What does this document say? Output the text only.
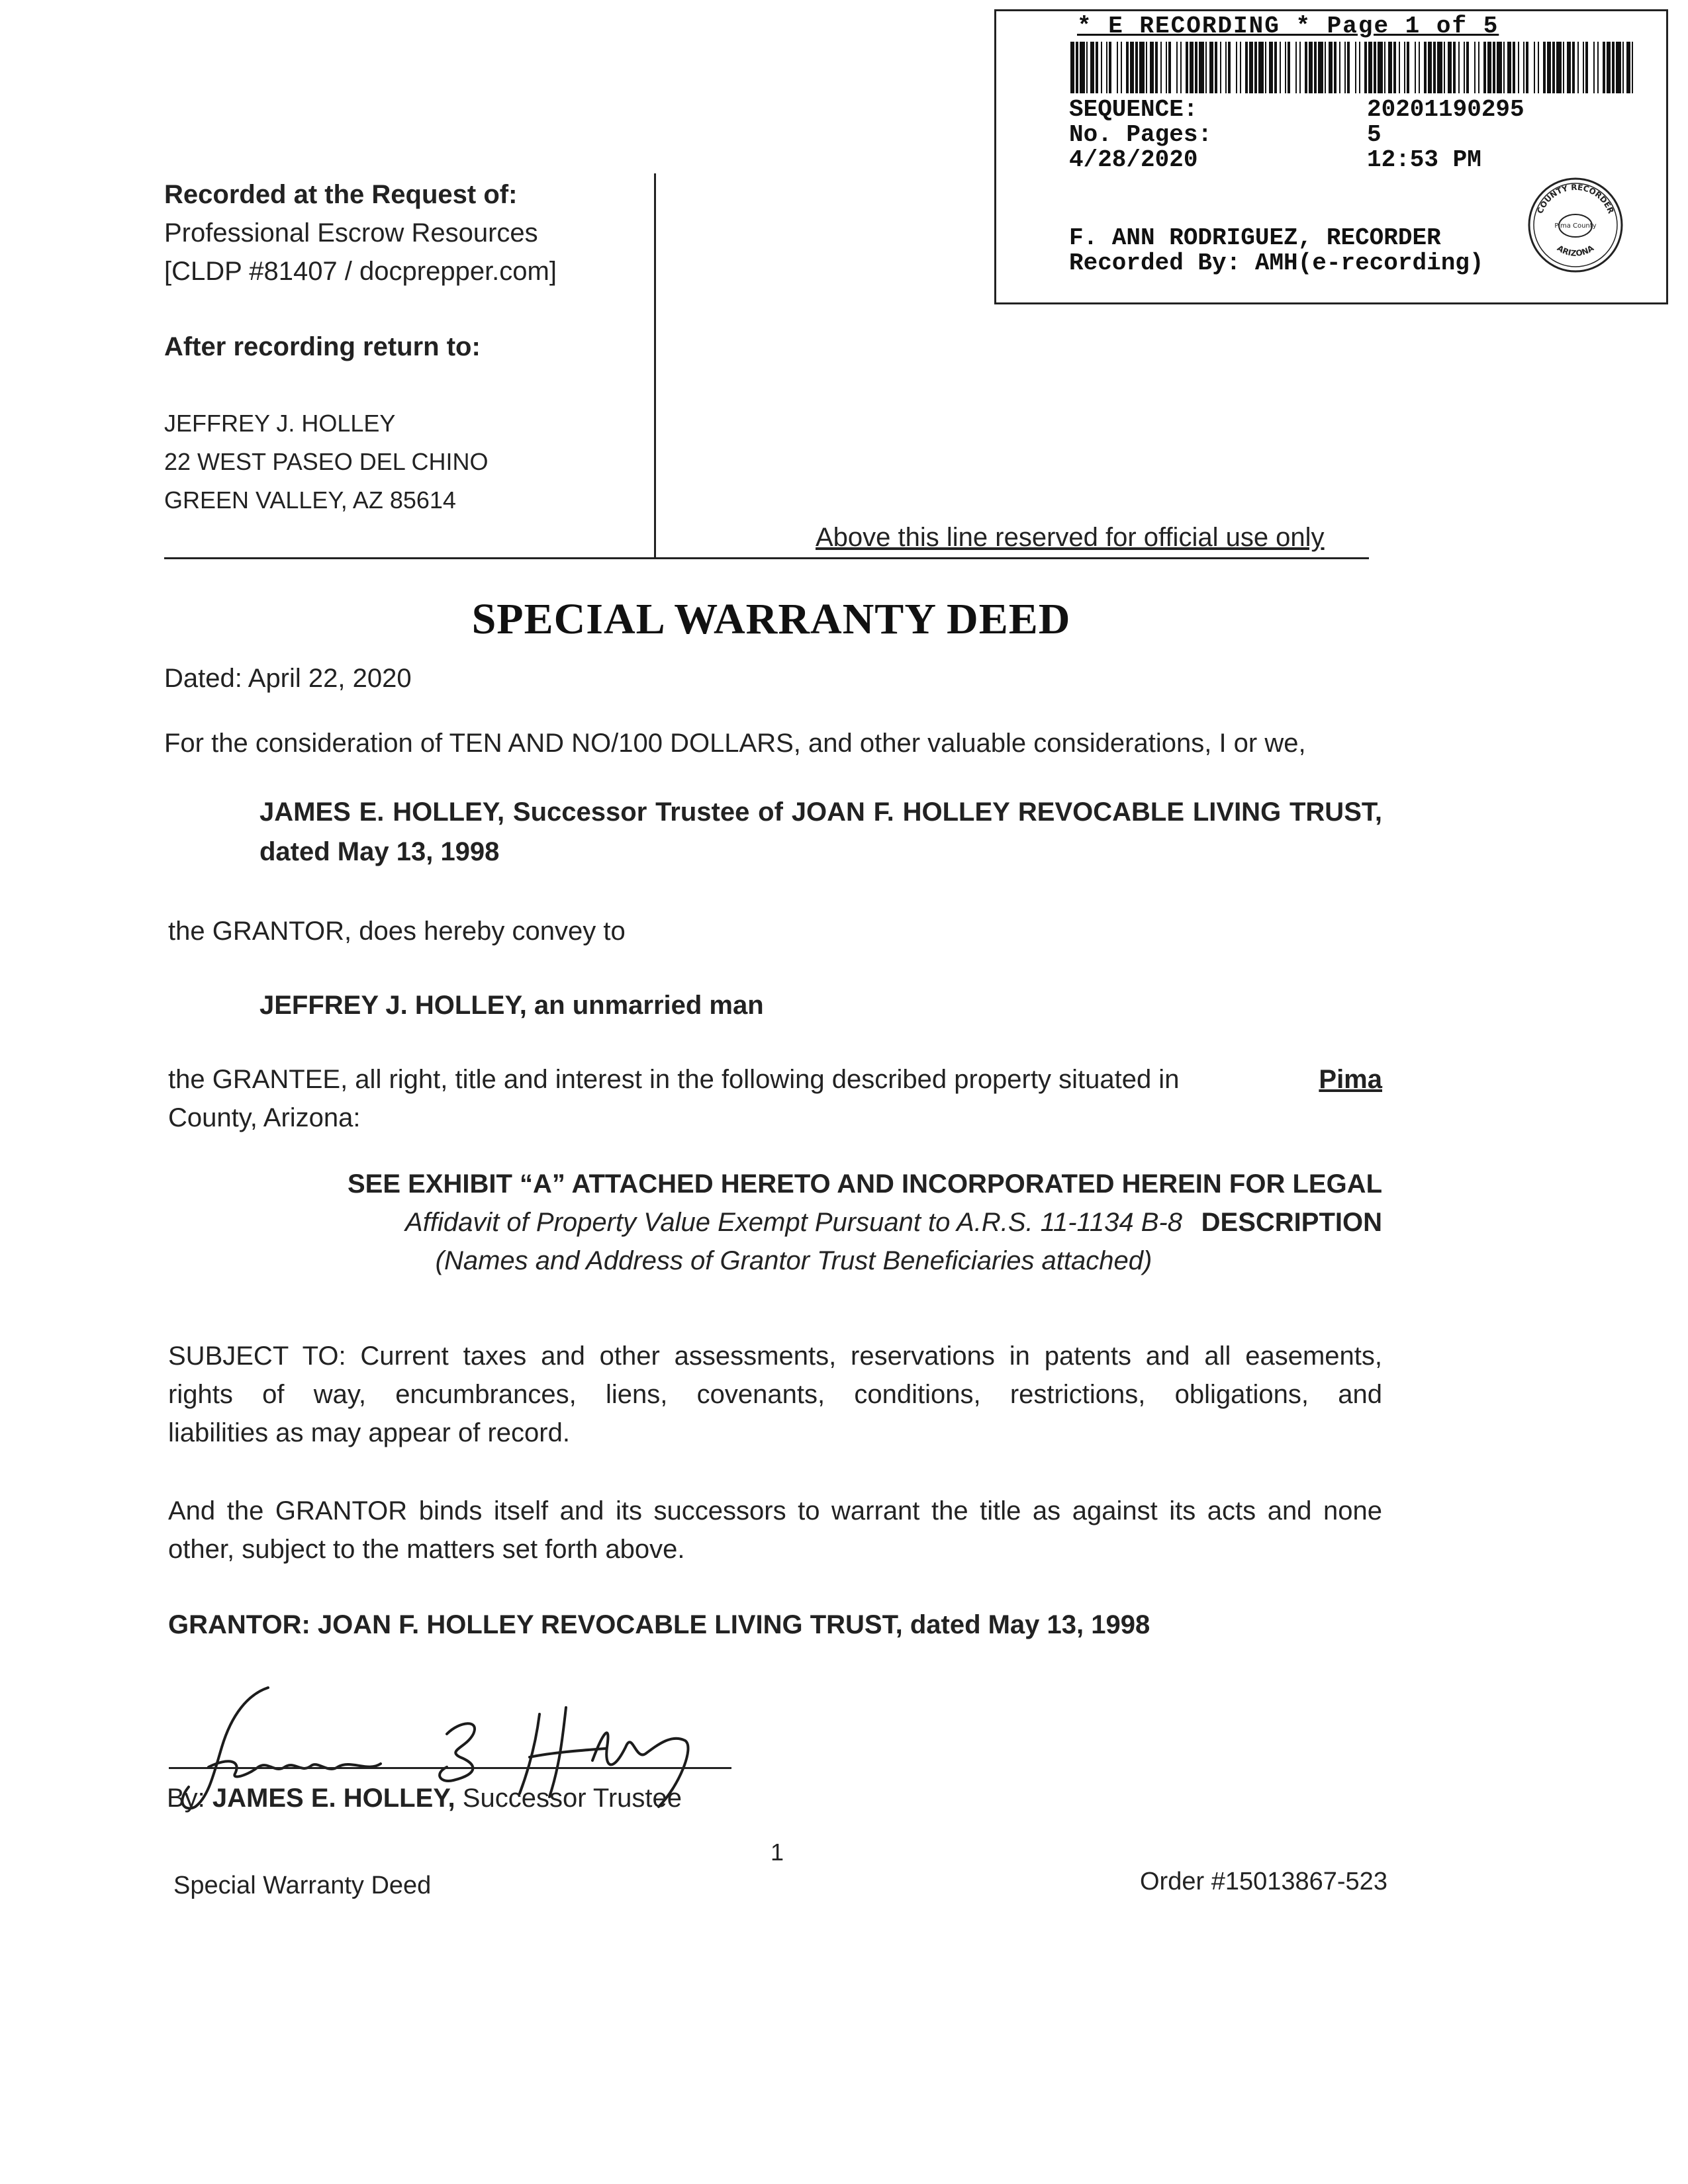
* E RECORDING * Page 1 of 5
SEQUENCE:	20201190295
No. Pages:	5
4/28/2020	12:53 PM
F. ANN RODRIGUEZ, RECORDER
Recorded By: AMH(e-recording)
COUNTY RECORDER
Pima County
ARIZONA
Recorded at the Request of:
Professional Escrow Resources
[CLDP #81407 / docprepper.com]
After recording return to:
JEFFREY J. HOLLEY
22 WEST PASEO DEL CHINO
GREEN VALLEY, AZ 85614
Above this line reserved for official use only
SPECIAL WARRANTY DEED
Dated: April 22, 2020
For the consideration of TEN AND NO/100 DOLLARS, and other valuable considerations, I or we,
JAMES E. HOLLEY, Successor Trustee of JOAN F. HOLLEY REVOCABLE LIVING TRUST,
dated May 13, 1998
the GRANTOR, does hereby convey to
JEFFREY J. HOLLEY, an unmarried man
the GRANTEE, all right, title and interest in the following described property situated in	Pima
County, Arizona:
SEE EXHIBIT “A” ATTACHED HERETO AND INCORPORATED HEREIN FOR LEGAL DESCRIPTION
Affidavit of Property Value Exempt Pursuant to A.R.S. 11-1134 B-8
(Names and Address of Grantor Trust Beneficiaries attached)
SUBJECT TO: Current taxes and other assessments, reservations in patents and all easements,
rights of way, encumbrances, liens, covenants, conditions, restrictions, obligations, and
liabilities as may appear of record.
And the GRANTOR binds itself and its successors to warrant the title as against its acts and none
other, subject to the matters set forth above.
GRANTOR: JOAN F. HOLLEY REVOCABLE LIVING TRUST, dated May 13, 1998
By: JAMES E. HOLLEY, Successor Trustee
1
Special Warranty Deed	Order #15013867-523
